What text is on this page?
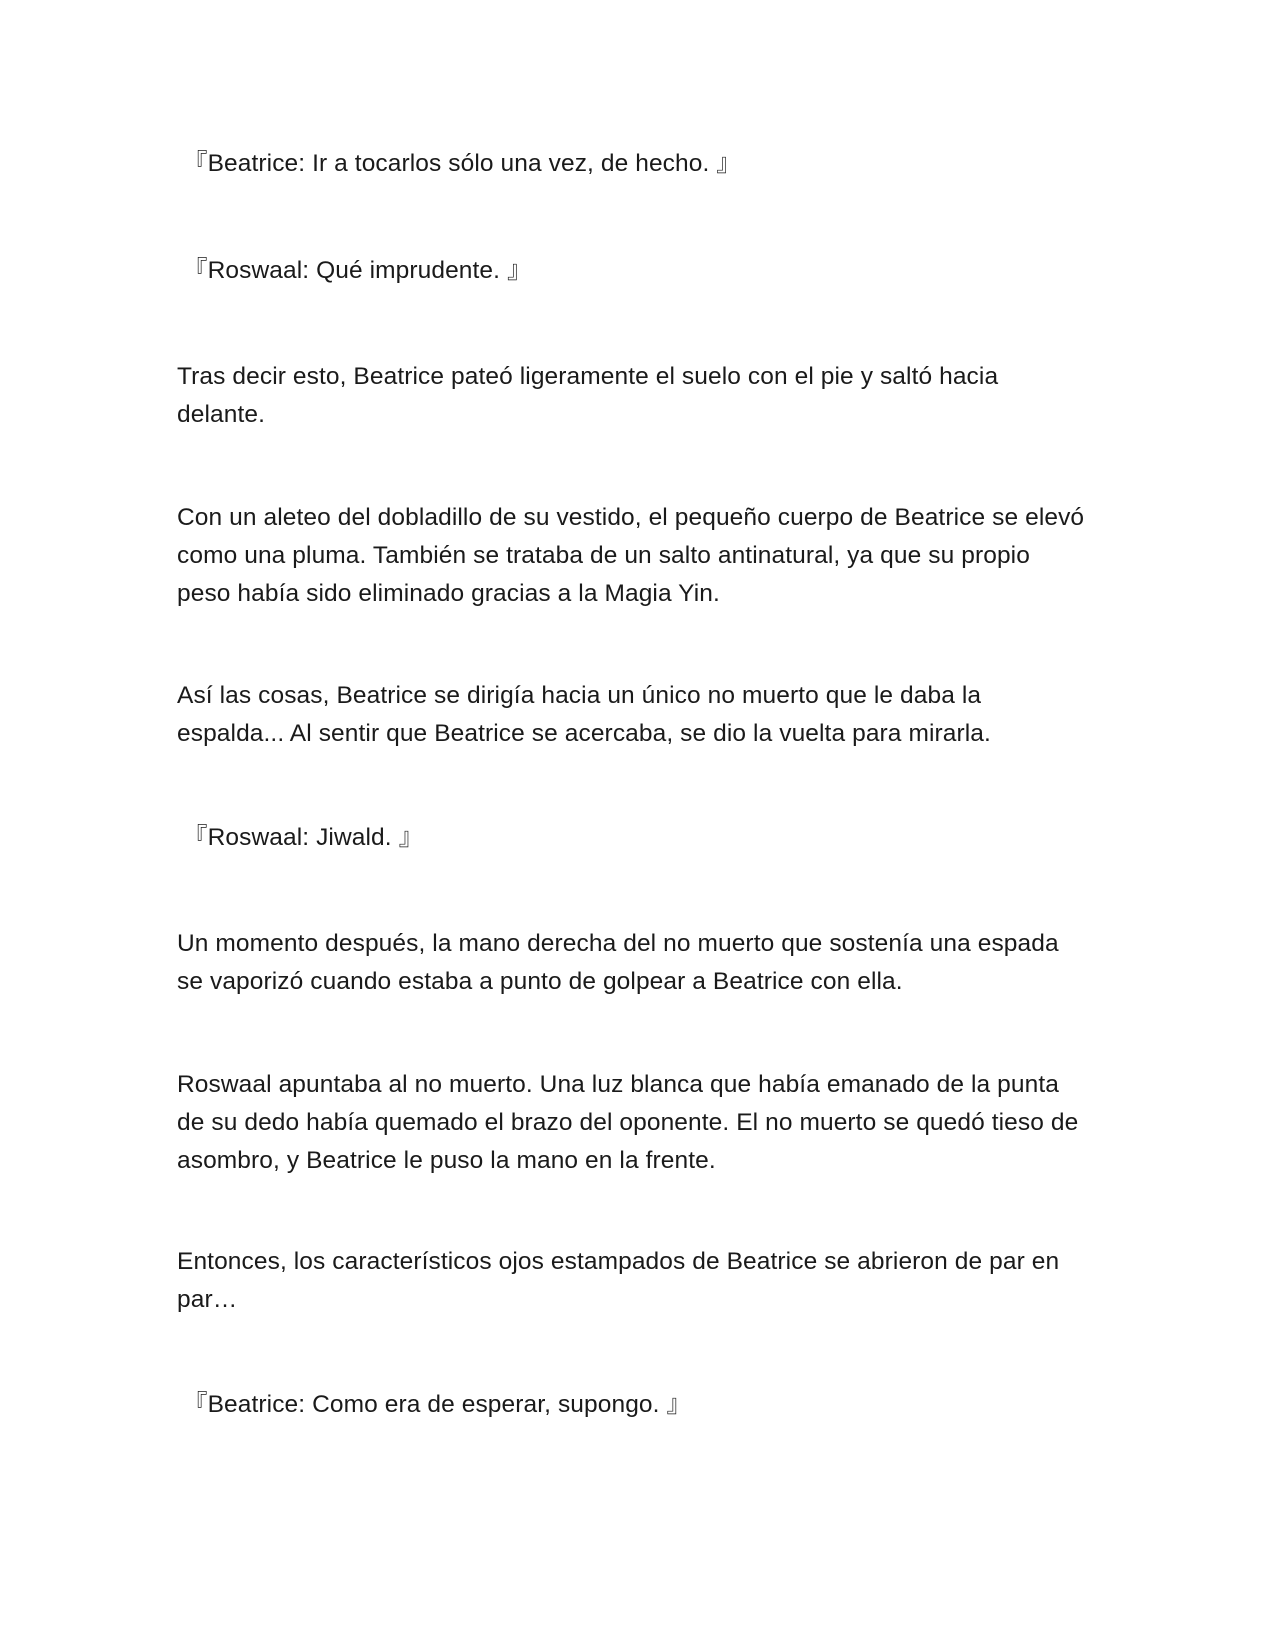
『Beatrice: Ir a tocarlos sólo una vez, de hecho. 』

『Roswaal: Qué imprudente. 』

Tras decir esto, Beatrice pateó ligeramente el suelo con el pie y saltó hacia delante.

Con un aleteo del dobladillo de su vestido, el pequeño cuerpo de Beatrice se elevó como una pluma. También se trataba de un salto antinatural, ya que su propio peso había sido eliminado gracias a la Magia Yin.

Así las cosas, Beatrice se dirigía hacia un único no muerto que le daba la espalda... Al sentir que Beatrice se acercaba, se dio la vuelta para mirarla.

『Roswaal: Jiwald. 』

Un momento después, la mano derecha del no muerto que sostenía una espada se vaporizó cuando estaba a punto de golpear a Beatrice con ella.

Roswaal apuntaba al no muerto. Una luz blanca que había emanado de la punta de su dedo había quemado el brazo del oponente. El no muerto se quedó tieso de asombro, y Beatrice le puso la mano en la frente.

Entonces, los característicos ojos estampados de Beatrice se abrieron de par en par…

『Beatrice: Como era de esperar, supongo. 』
